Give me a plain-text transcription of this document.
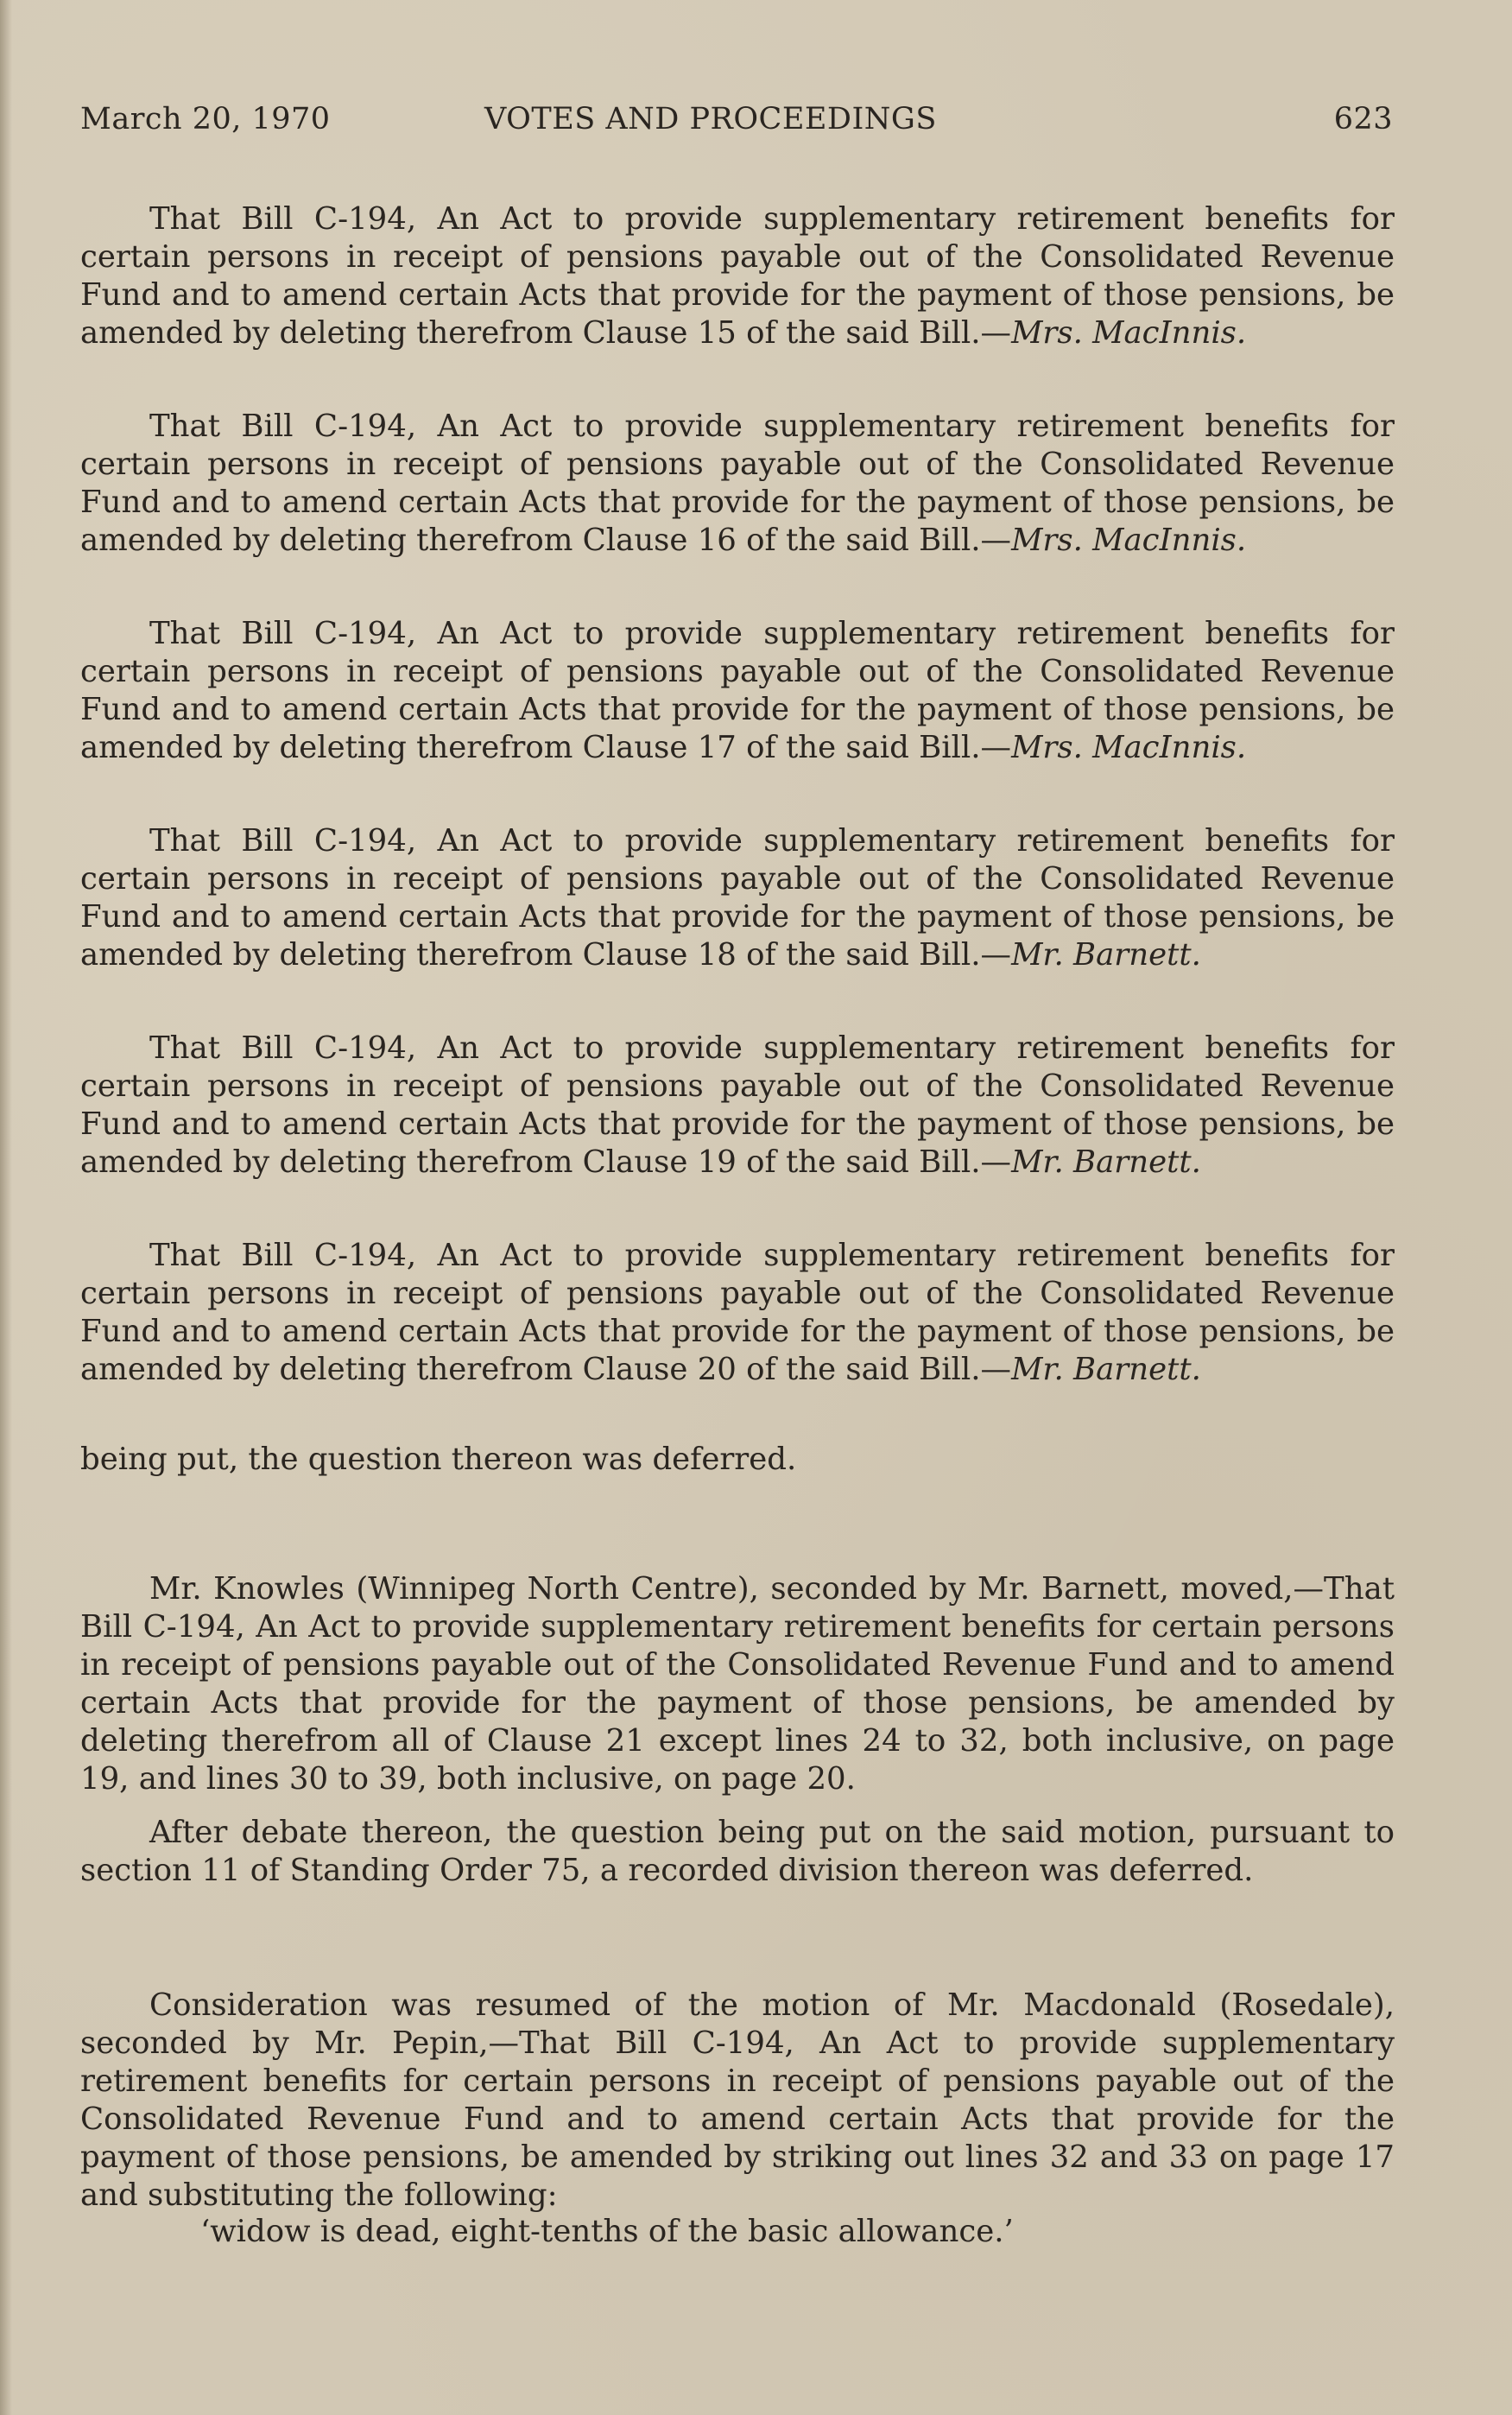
March 20, 1970	VOTES AND PROCEEDINGS	623

That Bill C-194, An Act to provide supplementary retirement benefits for certain persons in receipt of pensions payable out of the Consolidated Revenue Fund and to amend certain Acts that provide for the payment of those pensions, be amended by deleting therefrom Clause 15 of the said Bill.—Mrs. MacInnis.

That Bill C-194, An Act to provide supplementary retirement benefits for certain persons in receipt of pensions payable out of the Consolidated Revenue Fund and to amend certain Acts that provide for the payment of those pensions, be amended by deleting therefrom Clause 16 of the said Bill.—Mrs. MacInnis.

That Bill C-194, An Act to provide supplementary retirement benefits for certain persons in receipt of pensions payable out of the Consolidated Revenue Fund and to amend certain Acts that provide for the payment of those pensions, be amended by deleting therefrom Clause 17 of the said Bill.—Mrs. MacInnis.

That Bill C-194, An Act to provide supplementary retirement benefits for certain persons in receipt of pensions payable out of the Consolidated Revenue Fund and to amend certain Acts that provide for the payment of those pensions, be amended by deleting therefrom Clause 18 of the said Bill.—Mr. Barnett.

That Bill C-194, An Act to provide supplementary retirement benefits for certain persons in receipt of pensions payable out of the Consolidated Revenue Fund and to amend certain Acts that provide for the payment of those pensions, be amended by deleting therefrom Clause 19 of the said Bill.—Mr. Barnett.

That Bill C-194, An Act to provide supplementary retirement benefits for certain persons in receipt of pensions payable out of the Consolidated Revenue Fund and to amend certain Acts that provide for the payment of those pensions, be amended by deleting therefrom Clause 20 of the said Bill.—Mr. Barnett.

being put, the question thereon was deferred.

Mr. Knowles (Winnipeg North Centre), seconded by Mr. Barnett, moved,—That Bill C-194, An Act to provide supplementary retirement benefits for certain persons in receipt of pensions payable out of the Consolidated Revenue Fund and to amend certain Acts that provide for the payment of those pensions, be amended by deleting therefrom all of Clause 21 except lines 24 to 32, both inclusive, on page 19, and lines 30 to 39, both inclusive, on page 20.

After debate thereon, the question being put on the said motion, pursuant to section 11 of Standing Order 75, a recorded division thereon was deferred.

Consideration was resumed of the motion of Mr. Macdonald (Rosedale), seconded by Mr. Pepin,—That Bill C-194, An Act to provide supplementary retirement benefits for certain persons in receipt of pensions payable out of the Consolidated Revenue Fund and to amend certain Acts that provide for the payment of those pensions, be amended by striking out lines 32 and 33 on page 17 and substituting the following:

‘widow is dead, eight-tenths of the basic allowance.’
